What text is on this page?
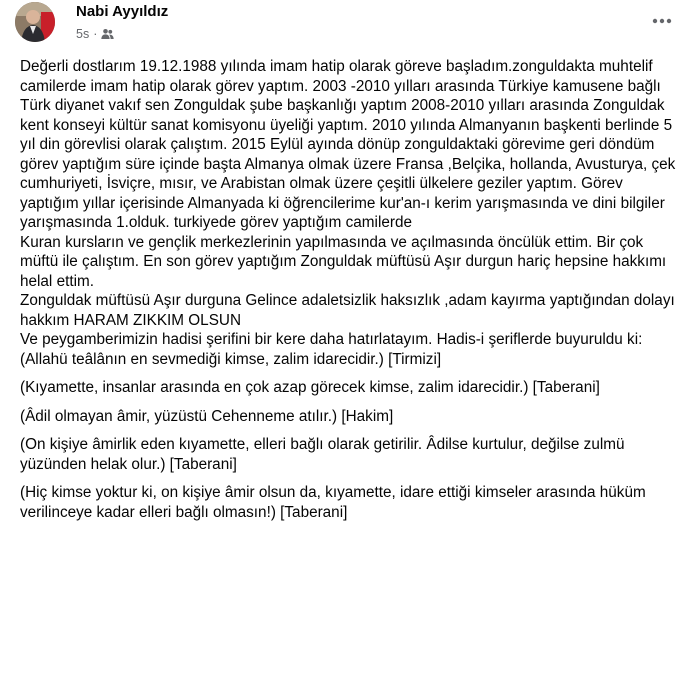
Nabi Ayyıldız
5s ·

Değerli dostlarım 19.12.1988 yılında imam hatip olarak göreve başladım.zonguldakta muhtelif camilerde imam hatip olarak görev yaptım. 2003 -2010 yılları arasında Türkiye kamusene bağlı Türk diyanet vakıf sen Zonguldak şube başkanlığı yaptım 2008-2010 yılları arasında Zonguldak kent konseyi kültür sanat komisyonu üyeliği yaptım. 2010 yılında Almanyanın başkenti berlinde 5 yıl din görevlisi olarak çalıştım. 2015 Eylül ayında dönüp zonguldaktaki görevime geri döndüm görev yaptığım süre içinde başta Almanya olmak üzere Fransa ,Belçika, hollanda, Avusturya, çek cumhuriyeti, İsviçre, mısır, ve Arabistan olmak üzere çeşitli ülkelere geziler yaptım. Görev yaptığım yıllar içerisinde Almanyada ki öğrencilerime kur'an-ı kerim yarışmasında ve dini bilgiler yarışmasında 1.olduk. turkiyede görev yaptığım camilerde

Kuran kursların ve gençlik merkezlerinin yapılmasında ve açılmasında öncülük ettim. Bir çok müftü ile çalıştım. En son görev yaptığım Zonguldak müftüsü Aşır durgun hariç hepsine hakkımı helal ettim.

Zonguldak müftüsü Aşır durguna Gelince adaletsizlik haksızlık ,adam kayırma yaptığından dolayı hakkım HARAM ZIKKIM OLSUN

Ve peygamberimizin hadisi şerifini bir kere daha hatırlatayım. Hadis-i şeriflerde buyuruldu ki:

(Allahü teâlânın en sevmediği kimse, zalim idarecidir.) [Tirmizi]

(Kıyamette, insanlar arasında en çok azap görecek kimse, zalim idarecidir.) [Taberani]

(Âdil olmayan âmir, yüzüstü Cehenneme atılır.) [Hakim]

(On kişiye âmirlik eden kıyamette, elleri bağlı olarak getirilir. Âdilse kurtulur, değilse zulmü yüzünden helak olur.) [Taberani]

(Hiç kimse yoktur ki, on kişiye âmir olsun da, kıyamette, idare ettiği kimseler arasında hüküm verilinceye kadar elleri bağlı olmasın!) [Taberani]
